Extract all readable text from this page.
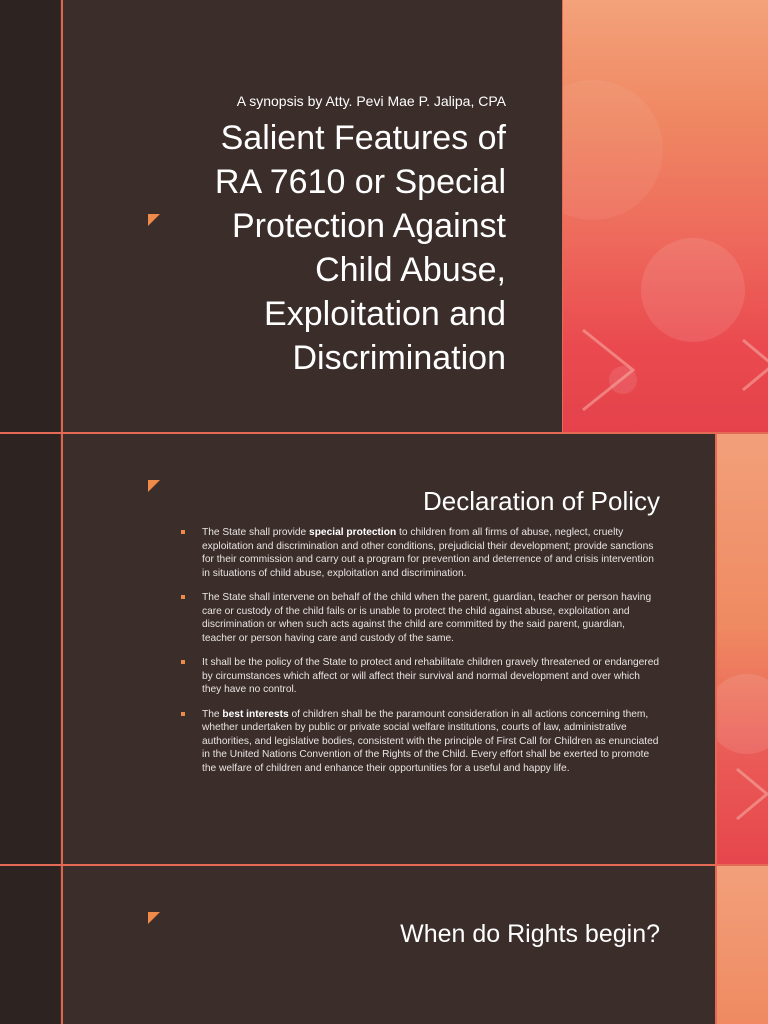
A synopsis by Atty. Pevi Mae P. Jalipa, CPA
Salient Features of
RA 7610 or Special
Protection Against
Child Abuse,
Exploitation and
Discrimination
Declaration of Policy
The State shall provide special protection to children from all firms of abuse, neglect, cruelty exploitation and discrimination and other conditions, prejudicial their development; provide sanctions for their commission and carry out a program for prevention and deterrence of and crisis intervention in situations of child abuse, exploitation and discrimination.
The State shall intervene on behalf of the child when the parent, guardian, teacher or person having care or custody of the child fails or is unable to protect the child against abuse, exploitation and discrimination or when such acts against the child are committed by the said parent, guardian, teacher or person having care and custody of the same.
It shall be the policy of the State to protect and rehabilitate children gravely threatened or endangered by circumstances which affect or will affect their survival and normal development and over which they have no control.
The best interests of children shall be the paramount consideration in all actions concerning them, whether undertaken by public or private social welfare institutions, courts of law, administrative authorities, and legislative bodies, consistent with the principle of First Call for Children as enunciated in the United Nations Convention of the Rights of the Child. Every effort shall be exerted to promote the welfare of children and enhance their opportunities for a useful and happy life.
When do Rights begin?
